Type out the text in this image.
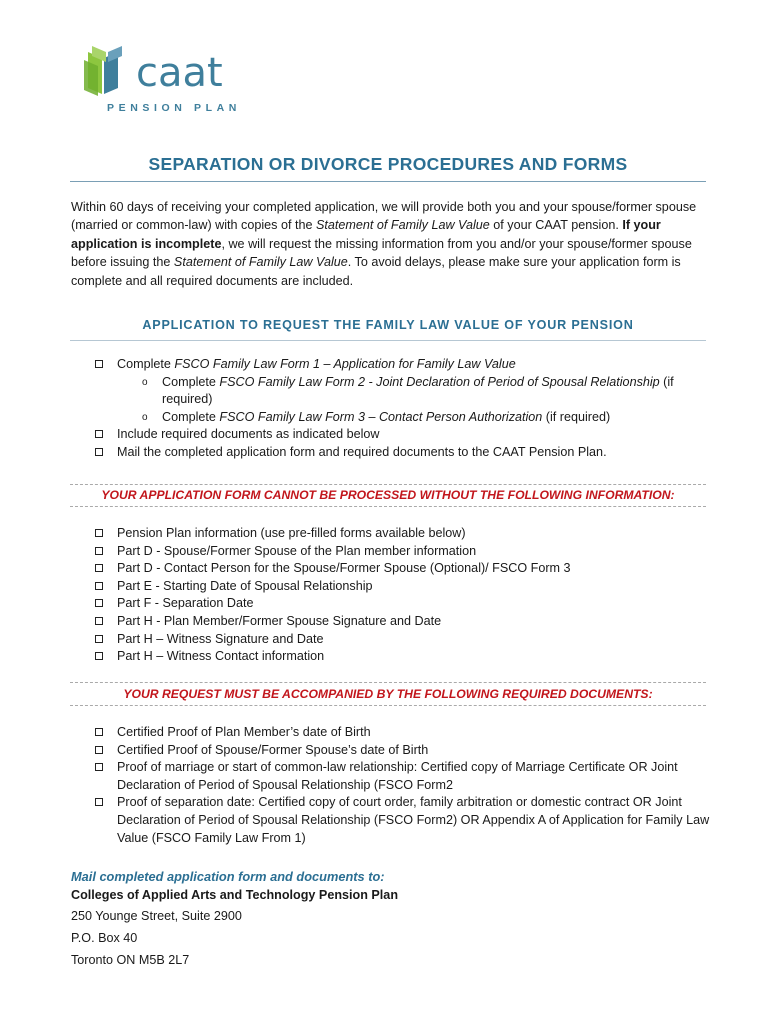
caat
PENSION PLAN
SEPARATION OR DIVORCE PROCEDURES AND FORMS
Within 60 days of receiving your completed application, we will provide both you and your spouse/former spouse (married or common-law) with copies of the Statement of Family Law Value of your CAAT pension. If your application is incomplete, we will request the missing information from you and/or your spouse/former spouse before issuing the Statement of Family Law Value. To avoid delays, please make sure your application form is complete and all required documents are included.
APPLICATION TO REQUEST THE FAMILY LAW VALUE OF YOUR PENSION
Complete FSCO Family Law Form 1 – Application for Family Law Value
o Complete FSCO Family Law Form 2 - Joint Declaration of Period of Spousal Relationship (if required)
o Complete FSCO Family Law Form 3 – Contact Person Authorization (if required)
Include required documents as indicated below
Mail the completed application form and required documents to the CAAT Pension Plan.
YOUR APPLICATION FORM CANNOT BE PROCESSED WITHOUT THE FOLLOWING INFORMATION:
Pension Plan information (use pre-filled forms available below)
Part D - Spouse/Former Spouse of the Plan member information
Part D - Contact Person for the Spouse/Former Spouse (Optional)/ FSCO Form 3
Part E - Starting Date of Spousal Relationship
Part F - Separation Date
Part H - Plan Member/Former Spouse Signature and Date
Part H – Witness Signature and Date
Part H – Witness Contact information
YOUR REQUEST MUST BE ACCOMPANIED BY THE FOLLOWING REQUIRED DOCUMENTS:
Certified Proof of Plan Member’s date of Birth
Certified Proof of Spouse/Former Spouse’s date of Birth
Proof of marriage or start of common-law relationship: Certified copy of Marriage Certificate OR Joint Declaration of Period of Spousal Relationship (FSCO Form2
Proof of separation date: Certified copy of court order, family arbitration or domestic contract OR Joint Declaration of Period of Spousal Relationship (FSCO Form2) OR Appendix A of Application for Family Law Value (FSCO Family Law From 1)
Mail completed application form and documents to:
Colleges of Applied Arts and Technology Pension Plan
250 Younge Street, Suite 2900
P.O. Box 40
Toronto ON M5B 2L7
